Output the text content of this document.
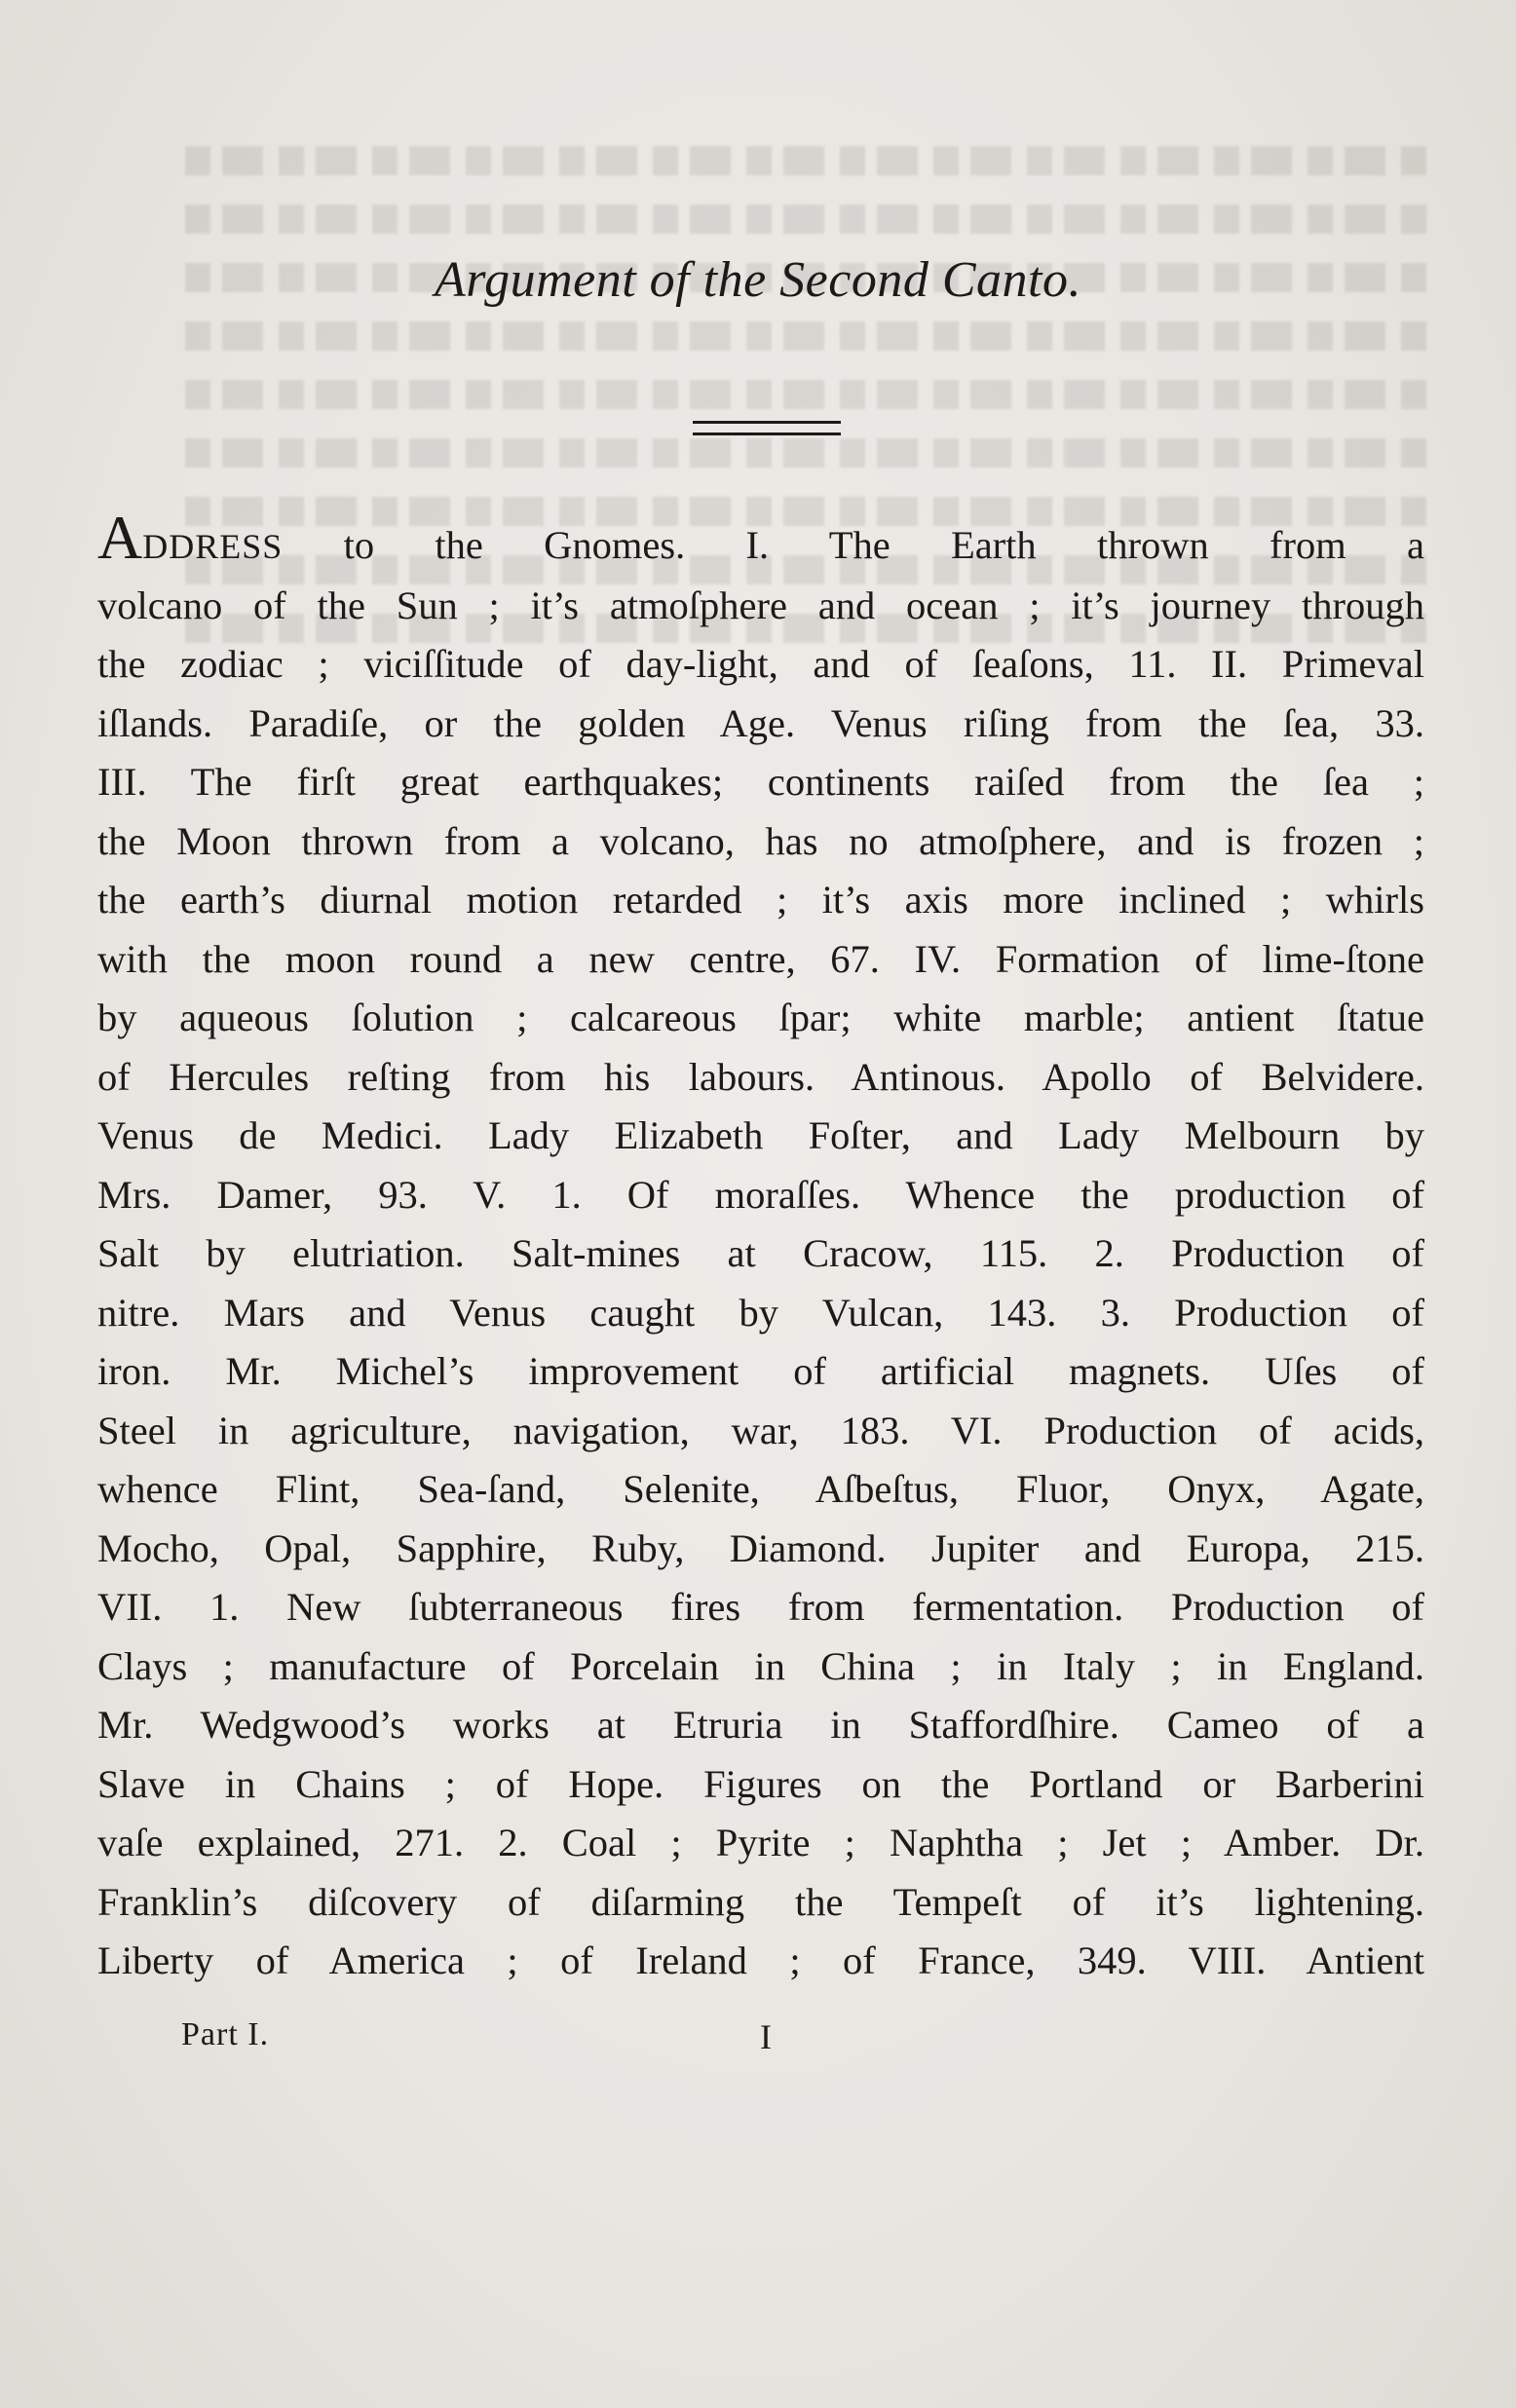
Argument of the Second Canto.
ADDRESS to the Gnomes. I. The Earth thrown from a
volcano of the Sun ; it’s atmoſphere and ocean ; it’s journey through
the zodiac ; viciſſitude of day-light, and of ſeaſons, 11. II. Primeval
iſlands. Paradiſe, or the golden Age. Venus riſing from the ſea, 33.
III. The firſt great earthquakes; continents raiſed from the ſea ;
the Moon thrown from a volcano, has no atmoſphere, and is frozen ;
the earth’s diurnal motion retarded ; it’s axis more inclined ; whirls
with the moon round a new centre, 67. IV. Formation of lime-ſtone
by aqueous ſolution ; calcareous ſpar; white marble; antient ſtatue
of Hercules reſting from his labours. Antinous. Apollo of Belvidere.
Venus de Medici. Lady Elizabeth Foſter, and Lady Melbourn by
Mrs. Damer, 93. V. 1. Of moraſſes. Whence the production of
Salt by elutriation. Salt-mines at Cracow, 115. 2. Production of
nitre. Mars and Venus caught by Vulcan, 143. 3. Production of
iron. Mr. Michel’s improvement of artificial magnets. Uſes of
Steel in agriculture, navigation, war, 183. VI. Production of acids,
whence Flint, Sea-ſand, Selenite, Aſbeſtus, Fluor, Onyx, Agate,
Mocho, Opal, Sapphire, Ruby, Diamond. Jupiter and Europa, 215.
VII. 1. New ſubterraneous fires from fermentation. Production of
Clays ; manufacture of Porcelain in China ; in Italy ; in England.
Mr. Wedgwood’s works at Etruria in Staffordſhire. Cameo of a
Slave in Chains ; of Hope. Figures on the Portland or Barberini
vaſe explained, 271. 2. Coal ; Pyrite ; Naphtha ; Jet ; Amber. Dr.
Franklin’s diſcovery of diſarming the Tempeſt of it’s lightening.
Liberty of America ; of Ireland ; of France, 349. VIII. Antient
Part I.	I
